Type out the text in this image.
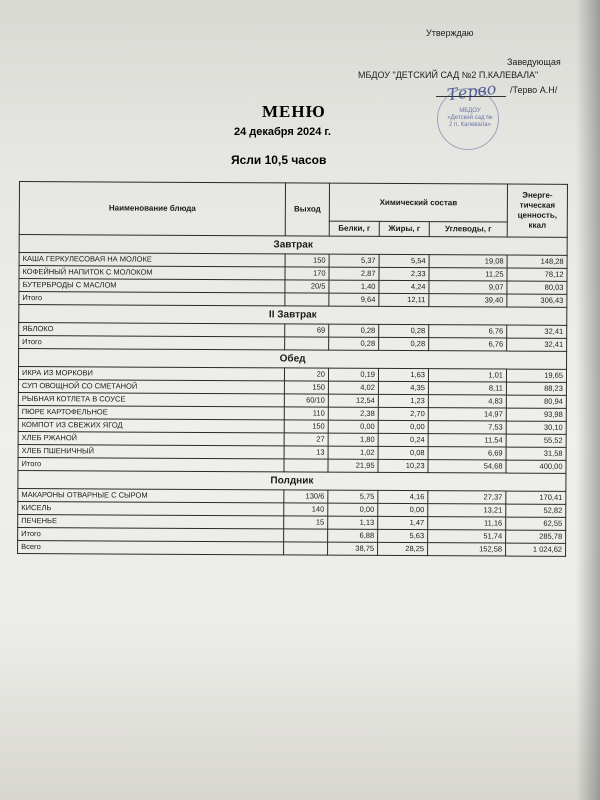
Утверждаю
Заведующая
МБДОУ "ДЕТСКИЙ САД №2 П.КАЛЕВАЛА"
/Терво А.Н/
МБДОУ «Детский сад № 2 п. Калевала»
Терво
МЕНЮ
24 декабря 2024 г.
Ясли 10,5 часов
Наименование блюда	Выход	Химический состав			Энерге- тическая ценность, ккал
		Белки, г	Жиры, г	Углеводы, г	
Завтрак					
КАША ГЕРКУЛЕСОВАЯ НА МОЛОКЕ	150	5,37	5,54	19,08	148,28
КОФЕЙНЫЙ НАПИТОК С МОЛОКОМ	170	2,87	2,33	11,25	78,12
БУТЕРБРОДЫ С МАСЛОМ	20/5	1,40	4,24	9,07	80,03
Итого		9,64	12,11	39,40	306,43
II Завтрак					
ЯБЛОКО	69	0,28	0,28	6,76	32,41
Итого		0,28	0,28	6,76	32,41
Обед					
ИКРА ИЗ МОРКОВИ	20	0,19	1,63	1,01	19,65
СУП ОВОЩНОЙ СО СМЕТАНОЙ	150	4,02	4,35	8,11	88,23
РЫБНАЯ КОТЛЕТА В СОУСЕ	60/10	12,54	1,23	4,83	80,94
ПЮРЕ КАРТОФЕЛЬНОЕ	110	2,38	2,70	14,97	93,98
КОМПОТ ИЗ СВЕЖИХ ЯГОД	150	0,00	0,00	7,53	30,10
ХЛЕБ РЖАНОЙ	27	1,80	0,24	11,54	55,52
ХЛЕБ ПШЕНИЧНЫЙ	13	1,02	0,08	6,69	31,58
Итого		21,95	10,23	54,68	400,00
Полдник					
МАКАРОНЫ ОТВАРНЫЕ С СЫРОМ	130/6	5,75	4,16	27,37	170,41
КИСЕЛЬ	140	0,00	0,00	13,21	52,82
ПЕЧЕНЬЕ	15	1,13	1,47	11,16	62,55
Итого		6,88	5,63	51,74	285,78
Всего		38,75	28,25	152,58	1 024,62
